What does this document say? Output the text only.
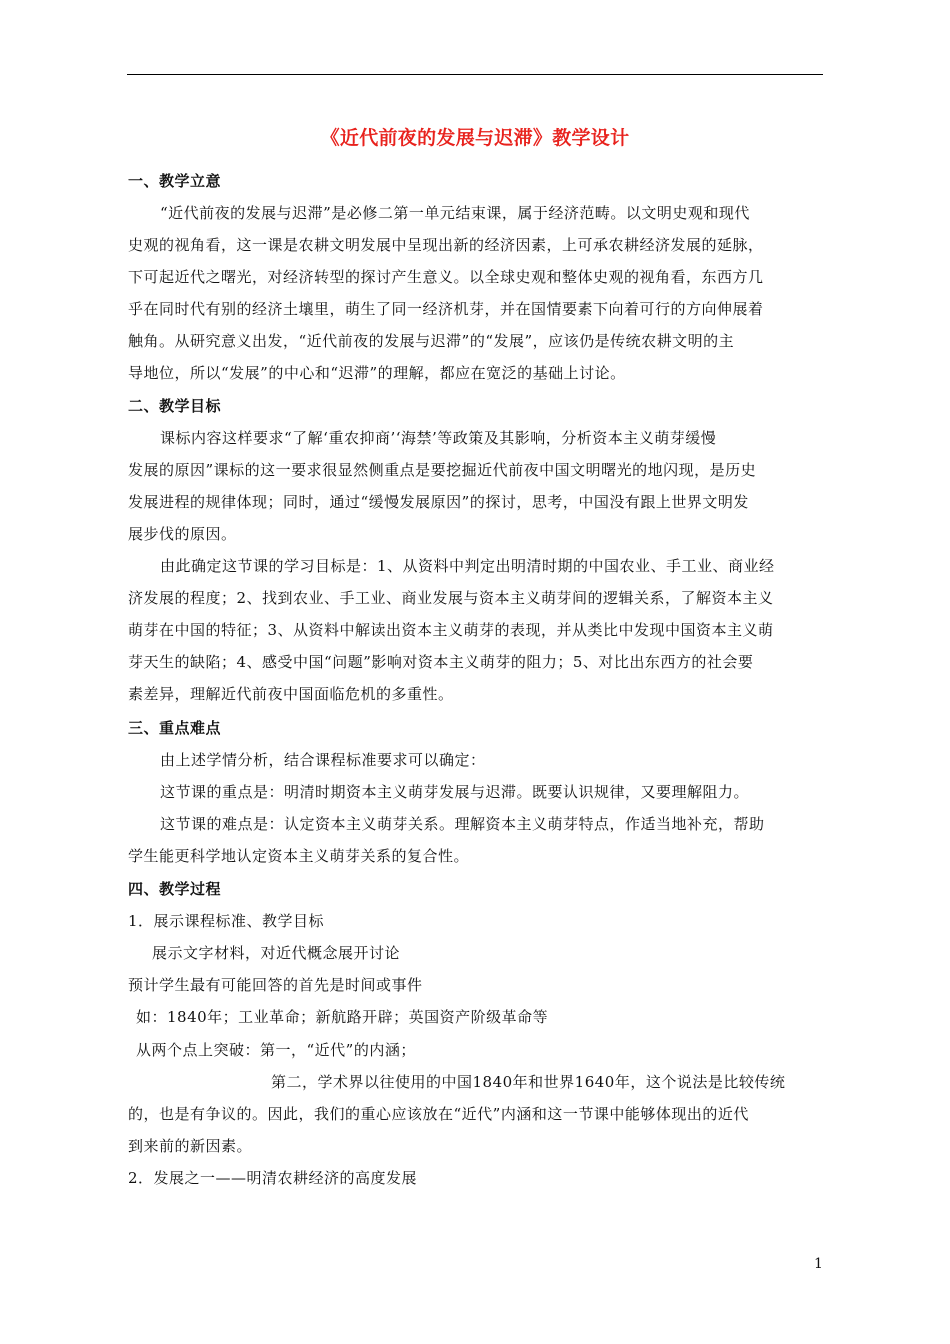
《近代前夜的发展与迟滞》教学设计
一、教学立意
“近代前夜的发展与迟滞”是必修二第一单元结束课，属于经济范畴。以文明史观和现代
史观的视角看，这一课是农耕文明发展中呈现出新的经济因素，上可承农耕经济发展的延脉，
下可起近代之曙光，对经济转型的探讨产生意义。以全球史观和整体史观的视角看，东西方几
乎在同时代有别的经济土壤里，萌生了同一经济机芽，并在国情要素下向着可行的方向伸展着
触角。从研究意义出发，“近代前夜的发展与迟滞”的“发展”，应该仍是传统农耕文明的主
导地位，所以“发展”的中心和“迟滞”的理解，都应在宽泛的基础上讨论。
二、教学目标
课标内容这样要求“了解‘重农抑商’‘海禁’等政策及其影响，分析资本主义萌芽缓慢
发展的原因”课标的这一要求很显然侧重点是要挖掘近代前夜中国文明曙光的地闪现，是历史
发展进程的规律体现；同时，通过“缓慢发展原因”的探讨，思考，中国没有跟上世界文明发
展步伐的原因。
由此确定这节课的学习目标是：1、从资料中判定出明清时期的中国农业、手工业、商业经
济发展的程度；2、找到农业、手工业、商业发展与资本主义萌芽间的逻辑关系，了解资本主义
萌芽在中国的特征；3、从资料中解读出资本主义萌芽的表现，并从类比中发现中国资本主义萌
芽天生的缺陷；4、感受中国“问题”影响对资本主义萌芽的阻力；5、对比出东西方的社会要
素差异，理解近代前夜中国面临危机的多重性。
三、重点难点
由上述学情分析，结合课程标准要求可以确定：
这节课的重点是：明清时期资本主义萌芽发展与迟滞。既要认识规律，又要理解阻力。
这节课的难点是：认定资本主义萌芽关系。理解资本主义萌芽特点，作适当地补充，帮助
学生能更科学地认定资本主义萌芽关系的复合性。
四、教学过程
1．展示课程标准、教学目标
展示文字材料，对近代概念展开讨论
预计学生最有可能回答的首先是时间或事件
如：1840年；工业革命；新航路开辟；英国资产阶级革命等
从两个点上突破：第一，“近代”的内涵；
第二，学术界以往使用的中国1840年和世界1640年，这个说法是比较传统
的，也是有争议的。因此，我们的重心应该放在“近代”内涵和这一节课中能够体现出的近代
到来前的新因素。
2．发展之一——明清农耕经济的高度发展
1
